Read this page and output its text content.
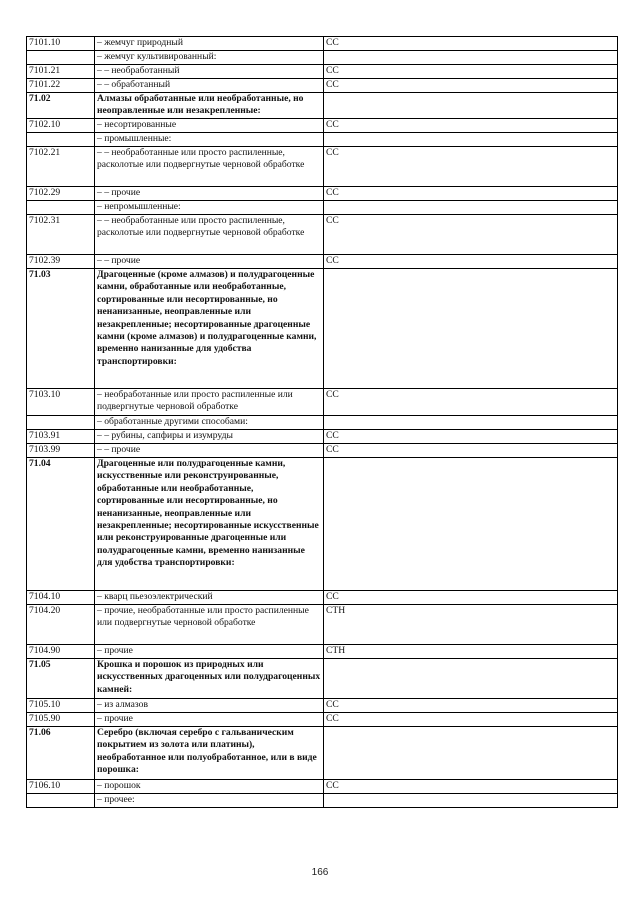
7101.10	– жемчуг природный	СС
	– жемчуг культивированный:	
7101.21	– – необработанный	СС
7101.22	– – обработанный	СС
71.02	Алмазы обработанные или необработанные, но неоправленные или незакрепленные:	
7102.10	– несортированные	СС
	– промышленные:	
7102.21	– – необработанные или просто распиленные, расколотые или подвергнутые черновой обработке	СС
7102.29	– – прочие	СС
	– непромышленные:	
7102.31	– – необработанные или просто распиленные, расколотые или подвергнутые черновой обработке	СС
7102.39	– – прочие	СС
71.03	Драгоценные (кроме алмазов) и полудрагоценные камни, обработанные или необработанные, сортированные или несортированные, но ненанизанные, неоправленные или незакрепленные; несортированные драгоценные камни (кроме алмазов) и полудрагоценные камни, временно нанизанные для удобства транспортировки:	
7103.10	– необработанные или просто распиленные или подвергнутые черновой обработке	СС
	– обработанные другими способами:	
7103.91	– – рубины, сапфиры и изумруды	СС
7103.99	– – прочие	СС
71.04	Драгоценные или полудрагоценные камни, искусственные или реконструированные, обработанные или необработанные, сортированные или несортированные, но ненанизанные, неоправленные или незакрепленные; несортированные искусственные или реконструированные драгоценные или полудрагоценные камни, временно нанизанные для удобства транспортировки:	
7104.10	– кварц пьезоэлектрический	СС
7104.20	– прочие, необработанные или просто распиленные или подвергнутые черновой обработке	СТН
7104.90	– прочие	СТН
71.05	Крошка и порошок из природных или искусственных драгоценных или полудрагоценных камней:	
7105.10	– из алмазов	СС
7105.90	– прочие	СС
71.06	Серебро (включая серебро с гальваническим покрытием из золота или платины), необработанное или полуобработанное, или в виде порошка:	
7106.10	– порошок	СС
	– прочее:	
166
